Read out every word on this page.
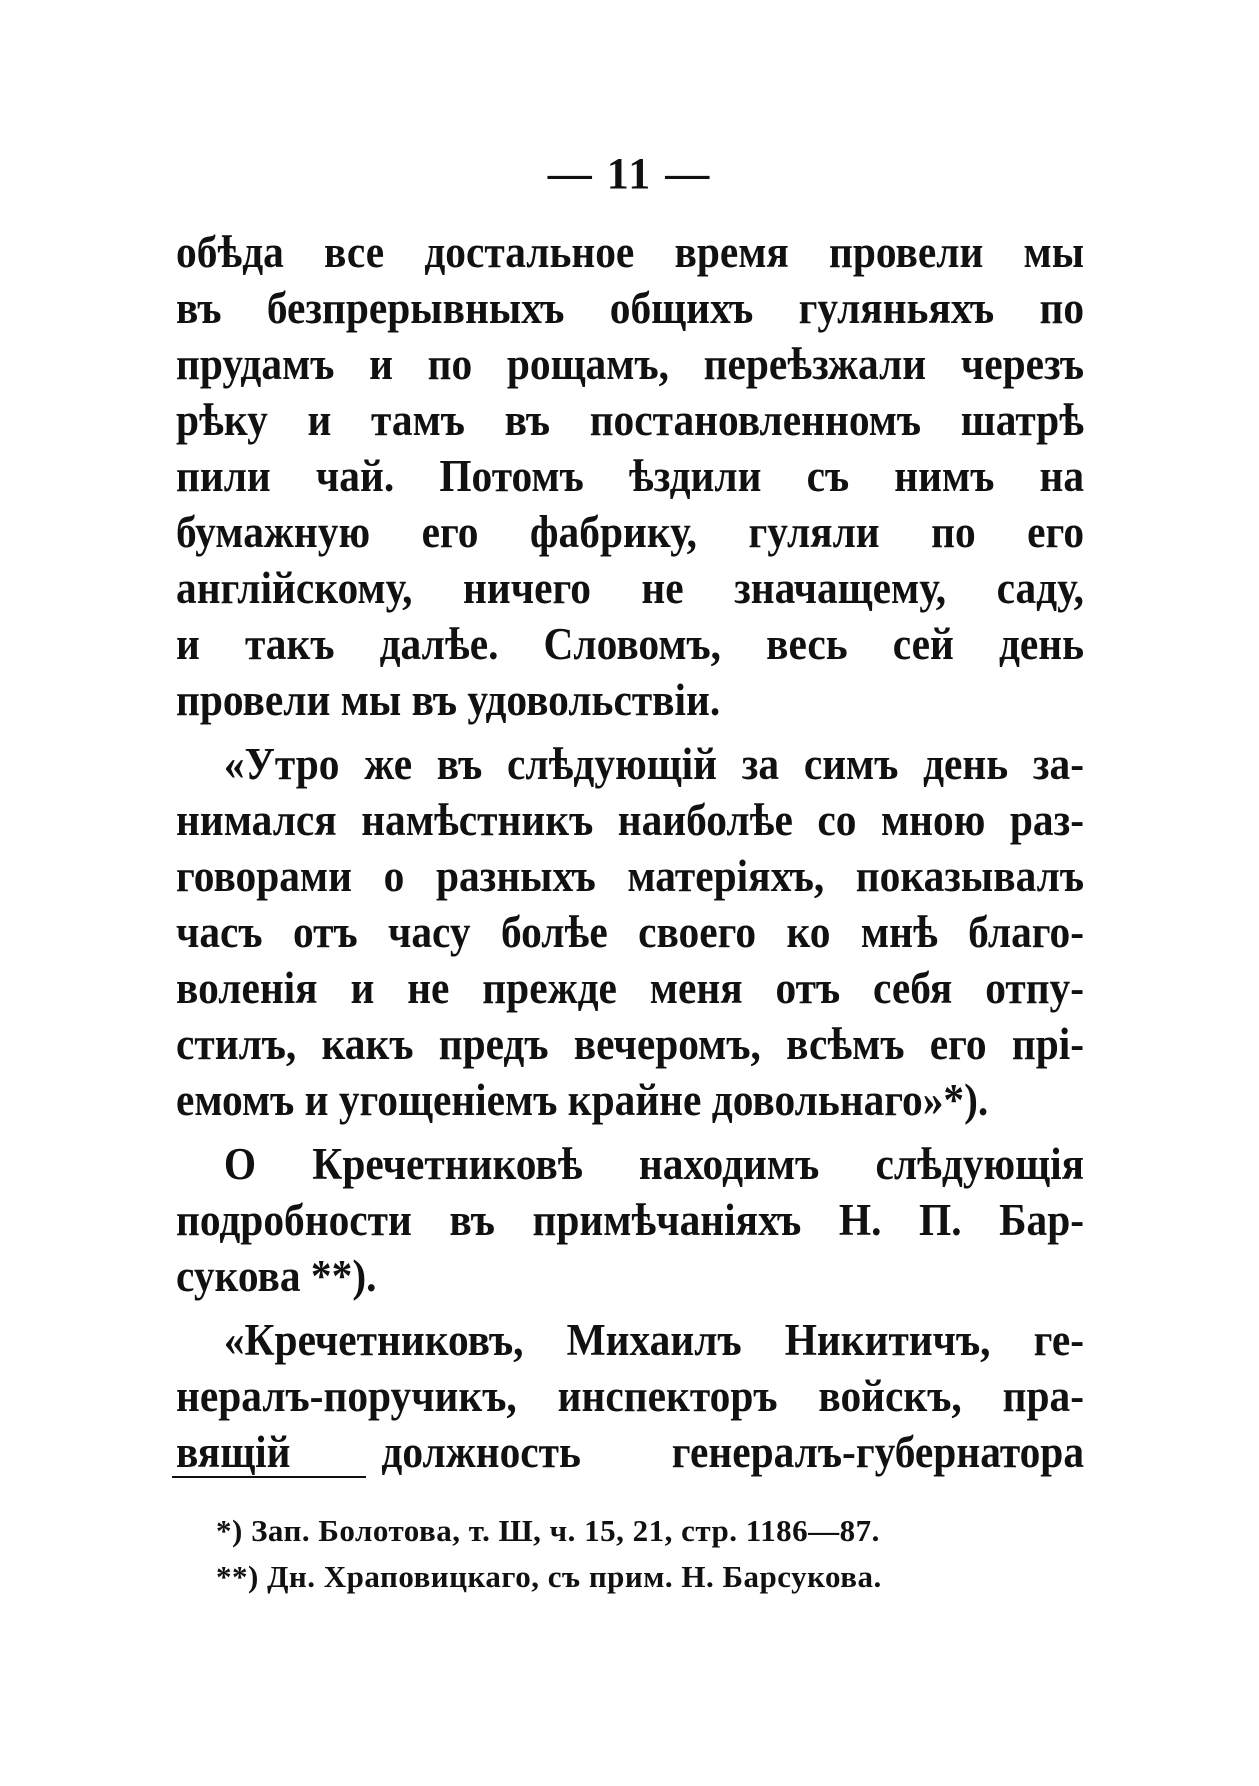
— 11 —
обѣда все достальное время провели мы
въ безпрерывныхъ общихъ гуляньяхъ по
прудамъ и по рощамъ, переѣзжали черезъ
рѣку и тамъ въ постановленномъ шатрѣ
пили чай. Потомъ ѣздили съ нимъ на
бумажную его фабрику, гуляли по его
англійскому, ничего не значащему, саду,
и такъ далѣе. Словомъ, весь сей день
провели мы въ удовольствіи.
«Утро же въ слѣдующій за симъ день за-
нимался намѣстникъ наиболѣе со мною раз-
говорами о разныхъ матеріяхъ, показывалъ
часъ отъ часу болѣе своего ко мнѣ благо-
воленія и не прежде меня отъ себя отпу-
стилъ, какъ предъ вечеромъ, всѣмъ его прі-
емомъ и угощеніемъ крайне довольнаго»*).
О Кречетниковѣ находимъ слѣдующія
подробности въ примѣчаніяхъ Н. П. Бар-
сукова **).
«Кречетниковъ, Михаилъ Никитичъ, ге-
нералъ-поручикъ, инспекторъ войскъ, пра-
вящій должность генералъ-губернатора
*) Зап. Болотова, т. Ш, ч. 15, 21, стр. 1186—87.
**) Дн. Храповицкаго, съ прим. Н. Барсукова.
